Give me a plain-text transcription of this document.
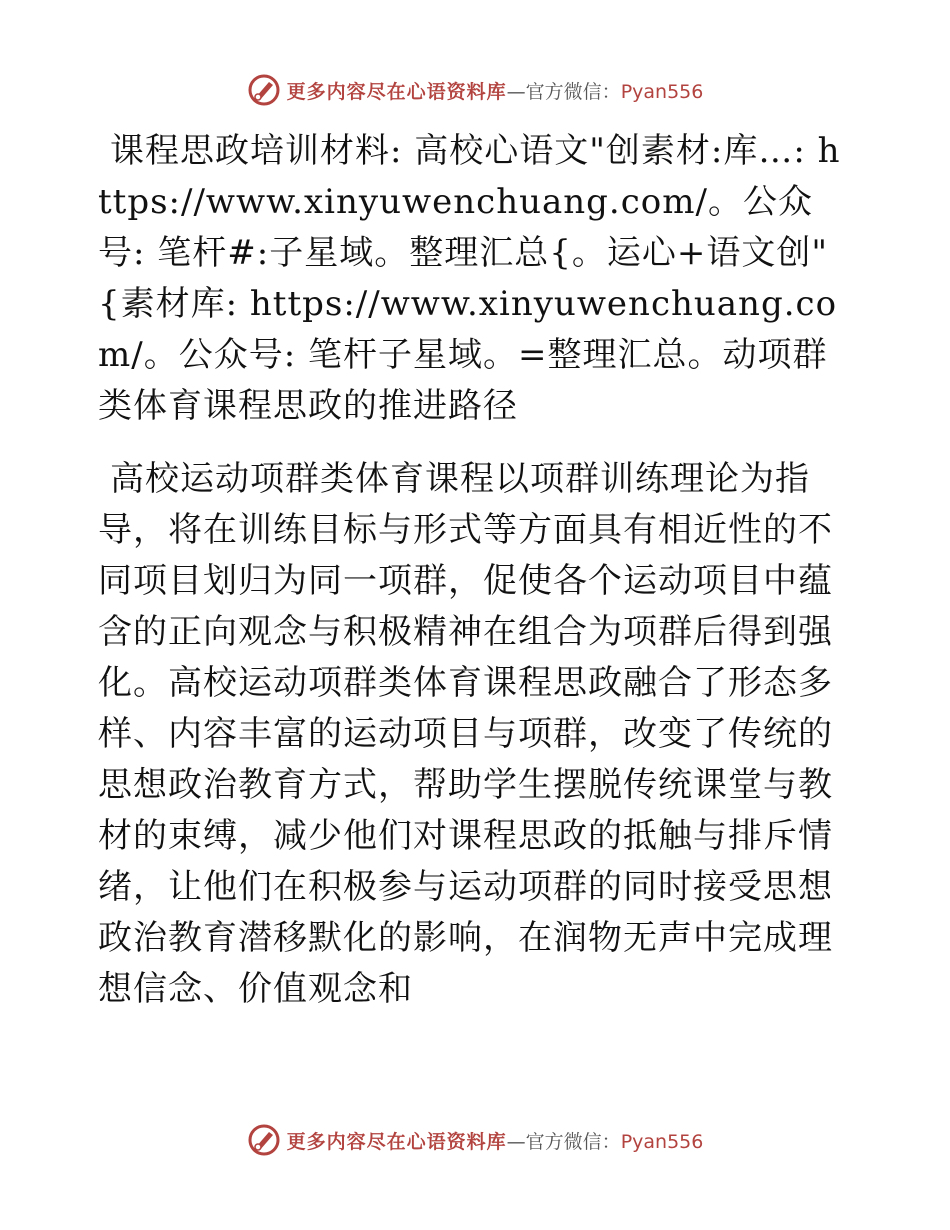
更多内容尽在心语资料库—官方微信：Pyan556

课程思政培训材料: 高校心语文"创素材:库…: https://www.xinyuwenchuang.com/。公众号: 笔杆#:子星域。整理汇总{。运心+语文创"{素材库: https://www.xinyuwenchuang.com/。公众号: 笔杆子星域。=整理汇总。动项群类体育课程思政的推进路径

高校运动项群类体育课程以项群训练理论为指导，将在训练目标与形式等方面具有相近性的不同项目划归为同一项群，促使各个运动项目中蕴含的正向观念与积极精神在组合为项群后得到强化。高校运动项群类体育课程思政融合了形态多样、内容丰富的运动项目与项群，改变了传统的思想政治教育方式，帮助学生摆脱传统课堂与教材的束缚，减少他们对课程思政的抵触与排斥情绪，让他们在积极参与运动项群的同时接受思想政治教育潜移默化的影响，在润物无声中完成理想信念、价值观念和

更多内容尽在心语资料库—官方微信：Pyan556
